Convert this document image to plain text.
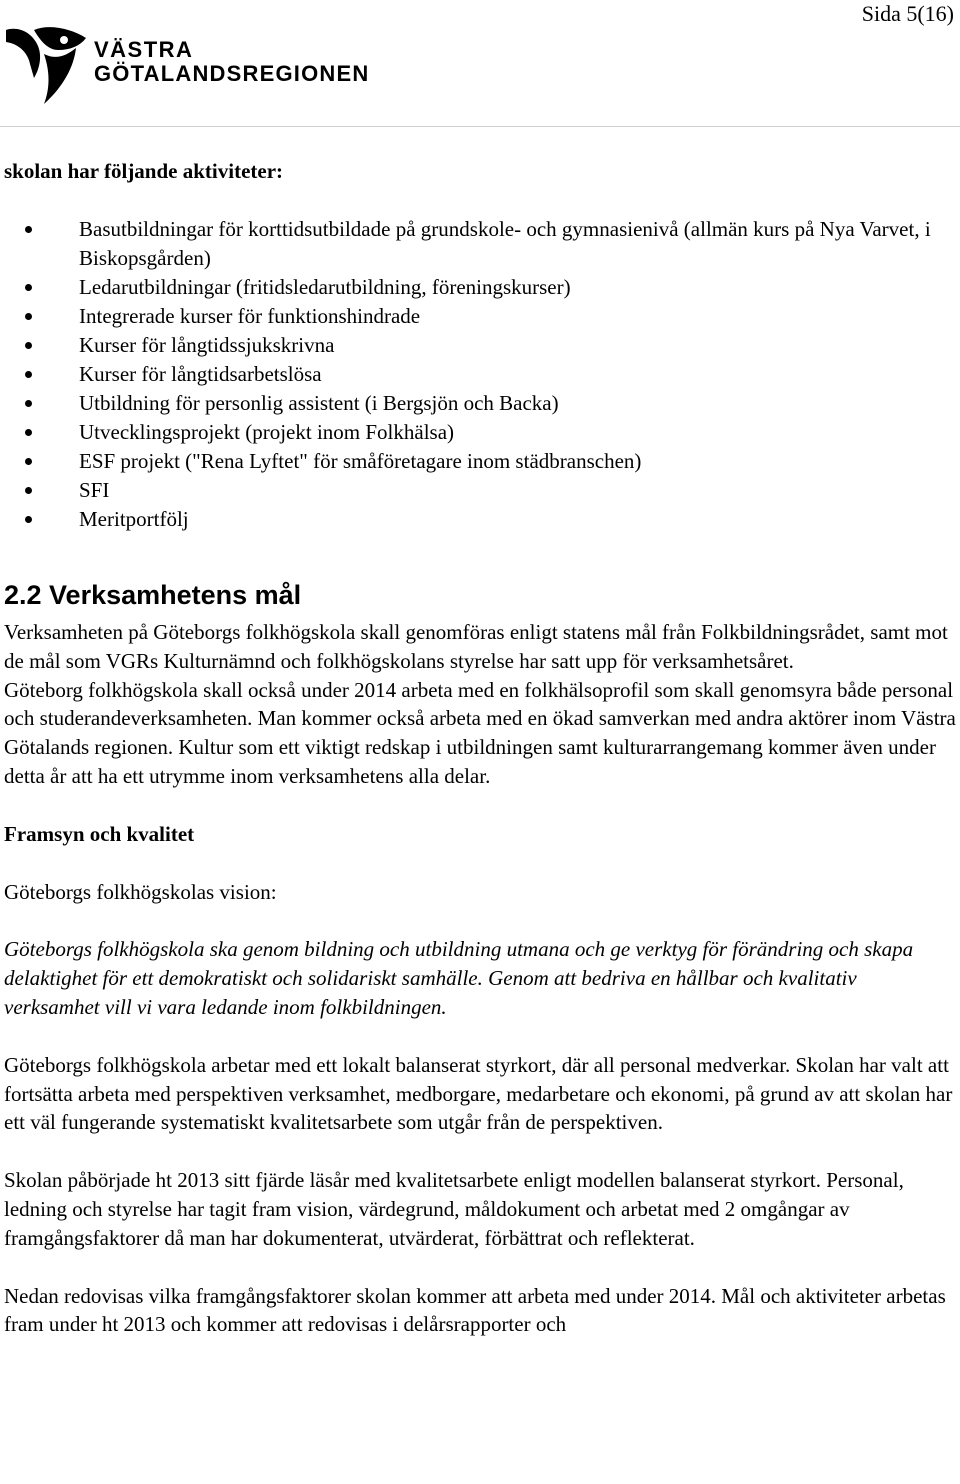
Sida 5(16)
VÄSTRA
GÖTALANDSREGIONEN

skolan har följande aktiviteter:

Basutbildningar för korttidsutbildade på grundskole- och gymnasienivå (allmän kurs på Nya Varvet, i Biskopsgården)
Ledarutbildningar (fritidsledarutbildning, föreningskurser)
Integrerade kurser för funktionshindrade
Kurser för långtidssjukskrivna
Kurser för långtidsarbetslösa
Utbildning för personlig assistent (i Bergsjön och Backa)
Utvecklingsprojekt (projekt inom Folkhälsa)
ESF projekt ("Rena Lyftet" för småföretagare inom städbranschen)
SFI
Meritportfölj
2.2 Verksamhetens mål

Verksamheten på Göteborgs folkhögskola skall genomföras enligt statens mål från Folkbildningsrådet, samt mot de mål som VGRs Kulturnämnd och folkhögskolans styrelse har satt upp för verksamhetsåret.

Göteborg folkhögskola skall också under 2014 arbeta med en folkhälsoprofil som skall genomsyra både personal och studerandeverksamheten. Man kommer också arbeta med en ökad samverkan med andra aktörer inom Västra Götalands regionen. Kultur som ett viktigt redskap i utbildningen samt kulturarrangemang kommer även under detta år att ha ett utrymme inom verksamhetens alla delar.

Framsyn och kvalitet

Göteborgs folkhögskolas vision:

Göteborgs folkhögskola ska genom bildning och utbildning utmana och ge verktyg för förändring och skapa delaktighet för ett demokratiskt och solidariskt samhälle. Genom att bedriva en hållbar och kvalitativ verksamhet vill vi vara ledande inom folkbildningen.

Göteborgs folkhögskola arbetar med ett lokalt balanserat styrkort, där all personal medverkar. Skolan har valt att fortsätta arbeta med perspektiven verksamhet, medborgare, medarbetare och ekonomi, på grund av att skolan har ett väl fungerande systematiskt kvalitetsarbete som utgår från de perspektiven.

Skolan påbörjade ht 2013 sitt fjärde läsår med kvalitetsarbete enligt modellen balanserat styrkort. Personal, ledning och styrelse har tagit fram vision, värdegrund, måldokument och arbetat med 2 omgångar av framgångsfaktorer då man har dokumenterat, utvärderat, förbättrat och reflekterat.

Nedan redovisas vilka framgångsfaktorer skolan kommer att arbeta med under 2014. Mål och aktiviteter arbetas fram under ht 2013 och kommer att redovisas i delårsrapporter och
